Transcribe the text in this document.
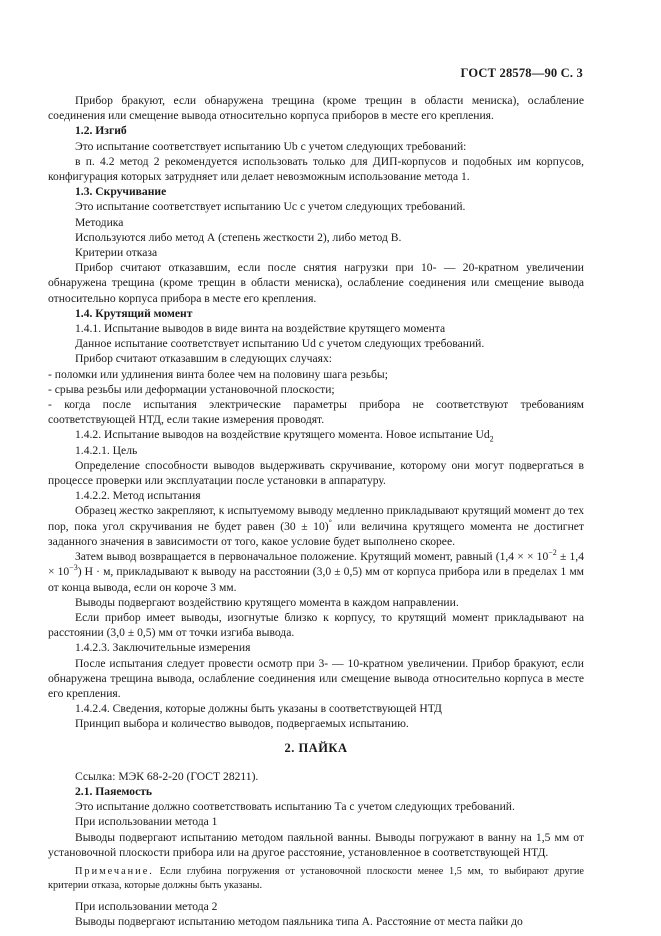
ГОСТ 28578—90 С. 3

Прибор бракуют, если обнаружена трещина (кроме трещин в области мениска), ослабление соединения или смещение вывода относительно корпуса приборов в месте его крепления.

1.2. Изгиб

Это испытание соответствует испытанию Ub с учетом следующих требований:

в п. 4.2 метод 2 рекомендуется использовать только для ДИП-корпусов и подобных им корпусов, конфигурация которых затрудняет или делает невозможным использование метода 1.

1.3. Скручивание

Это испытание соответствует испытанию Uc с учетом следующих требований.

Методика

Используются либо метод А (степень жесткости 2), либо метод В.

Критерии отказа

Прибор считают отказавшим, если после снятия нагрузки при 10- — 20-кратном увеличении обнаружена трещина (кроме трещин в области мениска), ослабление соединения или смещение вывода относительно корпуса прибора в месте его крепления.

1.4. Крутящий момент

1.4.1. Испытание выводов в виде винта на воздействие крутящего момента

Данное испытание соответствует испытанию Ud с учетом следующих требований.

Прибор считают отказавшим в следующих случаях:

- поломки или удлинения винта более чем на половину шага резьбы;

- срыва резьбы или деформации установочной плоскости;

- когда после испытания электрические параметры прибора не соответствуют требованиям соответствующей НТД, если такие измерения проводят.

1.4.2. Испытание выводов на воздействие крутящего момента. Новое испытание $Ud_2$

1.4.2.1. Цель

Определение способности выводов выдерживать скручивание, которому они могут подвергаться в процессе проверки или эксплуатации после установки в аппаратуру.

1.4.2.2. Метод испытания

Образец жестко закрепляют, к испытуемому выводу медленно прикладывают крутящий момент до тех пор, пока угол скручивания не будет равен (30 ± 10)° или величина крутящего момента не достигнет заданного значения в зависимости от того, какое условие будет выполнено скорее.

Затем вывод возвращается в первоначальное положение. Крутящий момент, равный (1,4 × × $10^{-2} \pm 1,4 \times 10^{-3}$) Н · м, прикладывают к выводу на расстоянии (3,0 ± 0,5) мм от корпуса прибора или в пределах 1 мм от конца вывода, если он короче 3 мм.

Выводы подвергают воздействию крутящего момента в каждом направлении.

Если прибор имеет выводы, изогнутые близко к корпусу, то крутящий момент прикладывают на расстоянии (3,0 ± 0,5) мм от точки изгиба вывода.

1.4.2.3. Заключительные измерения

После испытания следует провести осмотр при 3- — 10-кратном увеличении. Прибор бракуют, если обнаружена трещина вывода, ослабление соединения или смещение вывода относительно корпуса в месте его крепления.

1.4.2.4. Сведения, которые должны быть указаны в соответствующей НТД

Принцип выбора и количество выводов, подвергаемых испытанию.

2. ПАЙКА

Ссылка: МЭК 68-2-20 (ГОСТ 28211).

2.1. Паяемость

Это испытание должно соответствовать испытанию Та с учетом следующих требований.

При использовании метода 1

Выводы подвергают испытанию методом паяльной ванны. Выводы погружают в ванну на 1,5 мм от установочной плоскости прибора или на другое расстояние, установленное в соответствующей НТД.

Примечание. Если глубина погружения от установочной плоскости менее 1,5 мм, то выбирают другие критерии отказа, которые должны быть указаны.

При использовании метода 2

Выводы подвергают испытанию методом паяльника типа А. Расстояние от места пайки до
